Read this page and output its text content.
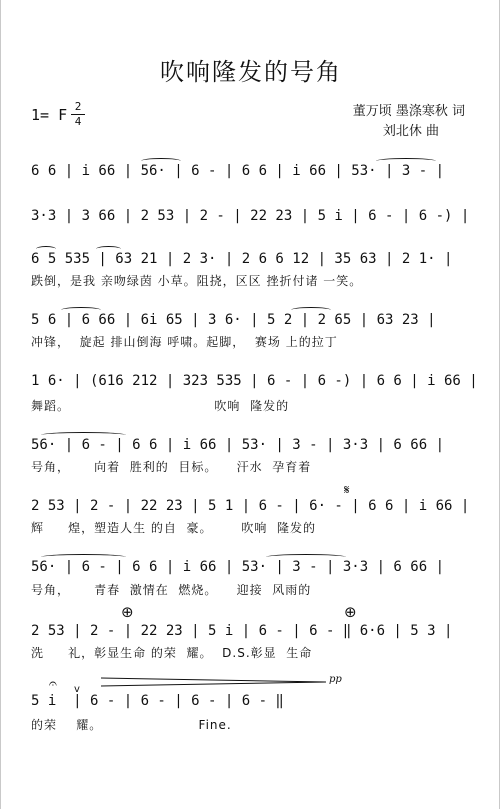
吹响隆发的号角
1= F 2
4
董万顷 墨涤寒秋 词
刘北休 曲
6 6 | i 66 | 56· | 6 - | 6 6 | i 66 | 53· | 3 - |
3·3 | 3 66 | 2 53 | 2 - | 22 23 | 5 i | 6 - | 6 -) |
6 5 535 | 63 21 | 2 3· | 2 6 6 12 | 35 63 | 2 1· |
跌倒，是我 亲吻绿茵 小草。阻挠，区区 挫折付诸 一笑。
5 6 | 6 66 | 6i 65 | 3 6· | 5 2 | 2 65 | 63 23 |
冲锋，  旋起 排山倒海 呼啸。起脚，  赛场 上的拉丁
1 6· | (616 212 | 323 535 | 6 - | 6 -) | 6 6 | i 66 |
舞蹈。                              吹响  隆发的
56· | 6 - | 6 6 | i 66 | 53· | 3 - | 3·3 | 6 66 |
号角，     向着  胜利的  目标。    汗水  孕育着
2 53 | 2 - | 22 23 | 5 1 | 6 - | 6· - | 6 6 | i 66 |
辉     煌，塑造人生 的自  豪。      吹响  隆发的
56· | 6 - | 6 6 | i 66 | 53· | 3 - | 3·3 | 6 66 |
号角，     青春  激情在  燃烧。    迎接  风雨的
2 53 | 2 - | 22 23 | 5 i | 6 - | 6 - ‖ 6·6 | 5 3 |
洗     礼，彰显生命 的荣  耀。  D.S.彰显  生命
5 i  | 6 - | 6 - | 6 - | 6 - ‖
的荣    耀。                    Fine.
𝄋
⊕	⊕
𝄐 v
pp
